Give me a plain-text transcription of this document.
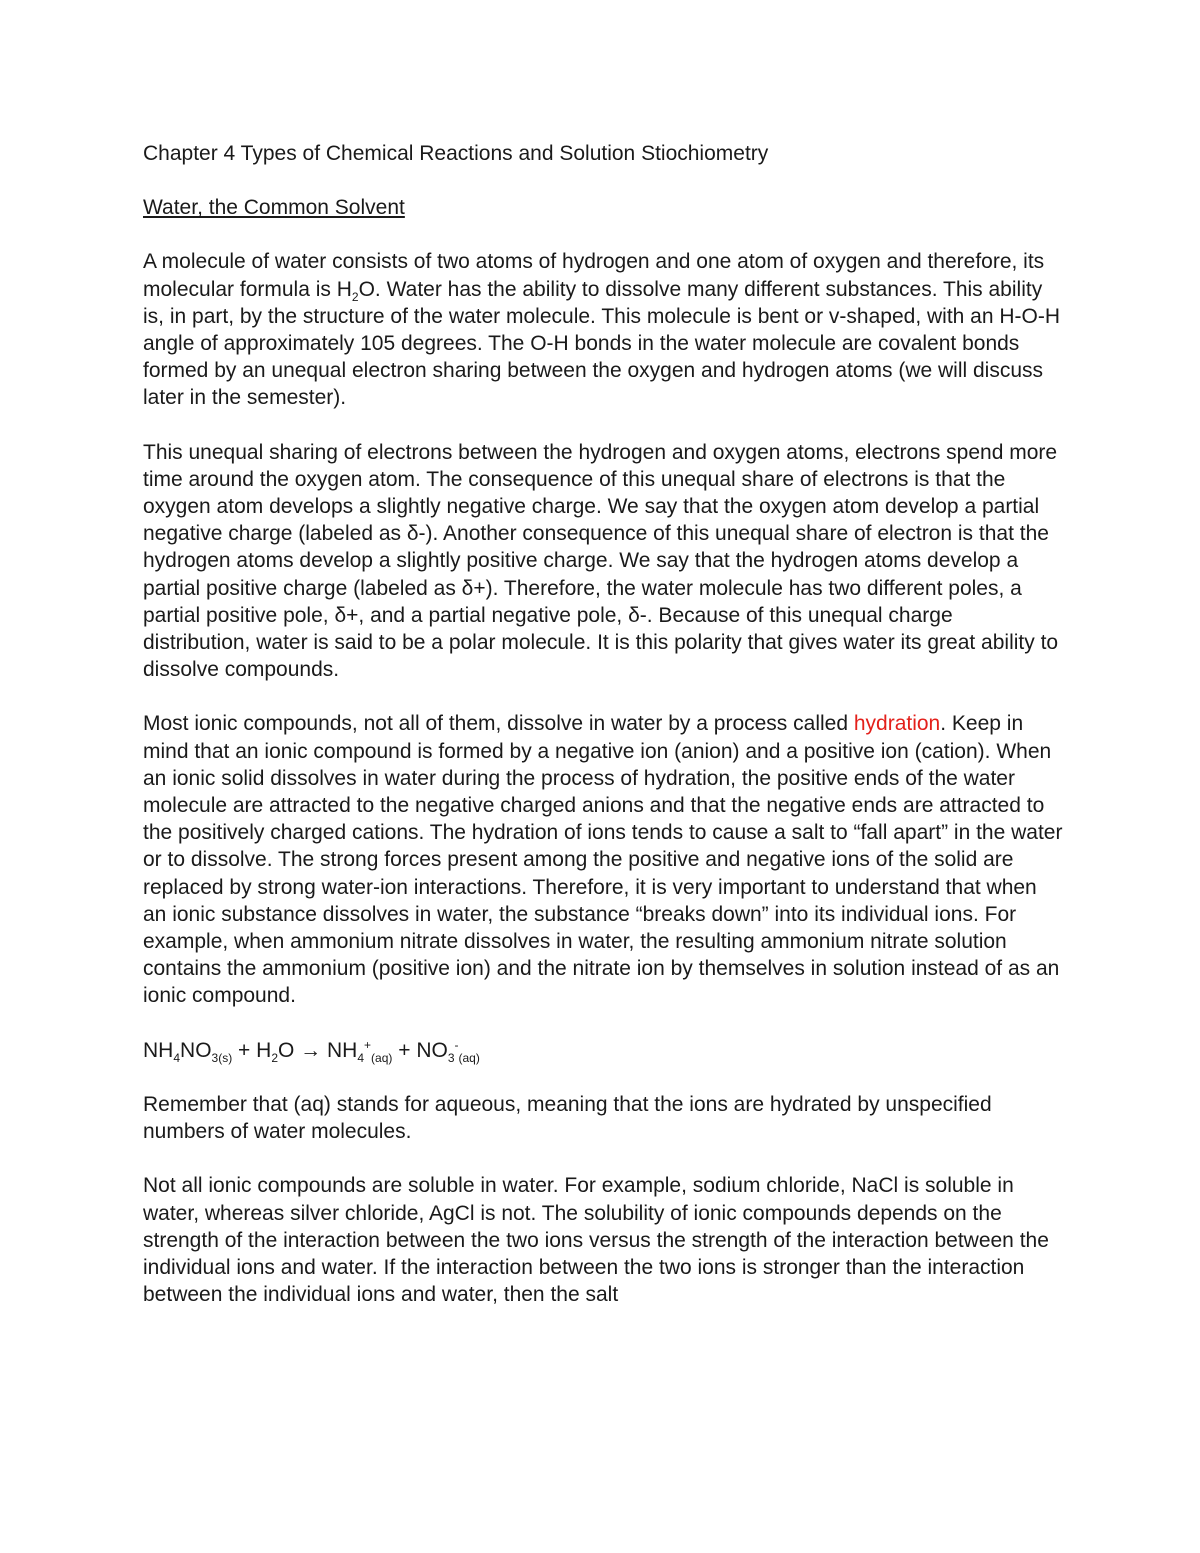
Chapter 4 Types of Chemical Reactions and Solution Stiochiometry
Water, the Common Solvent

A molecule of water consists of two atoms of hydrogen and one atom of oxygen and therefore, its molecular formula is $H_2O$. Water has the ability to dissolve many different substances. This ability is, in part, by the structure of the water molecule. This molecule is bent or v-shaped, with an H-O-H angle of approximately 105 degrees. The O-H bonds in the water molecule are covalent bonds formed by an unequal electron sharing between the oxygen and hydrogen atoms (we will discuss later in the semester).

This unequal sharing of electrons between the hydrogen and oxygen atoms, electrons spend more time around the oxygen atom. The consequence of this unequal share of electrons is that the oxygen atom develops a slightly negative charge. We say that the oxygen atom develop a partial negative charge (labeled as δ-). Another consequence of this unequal share of electron is that the hydrogen atoms develop a slightly positive charge. We say that the hydrogen atoms develop a partial positive charge (labeled as δ+). Therefore, the water molecule has two different poles, a partial positive pole, δ+, and a partial negative pole, δ-. Because of this unequal charge distribution, water is said to be a polar molecule. It is this polarity that gives water its great ability to dissolve compounds.

Most ionic compounds, not all of them, dissolve in water by a process called hydration. Keep in mind that an ionic compound is formed by a negative ion (anion) and a positive ion (cation). When an ionic solid dissolves in water during the process of hydration, the positive ends of the water molecule are attracted to the negative charged anions and that the negative ends are attracted to the positively charged cations. The hydration of ions tends to cause a salt to “fall apart” in the water or to dissolve. The strong forces present among the positive and negative ions of the solid are replaced by strong water-ion interactions. Therefore, it is very important to understand that when an ionic substance dissolves in water, the substance “breaks down” into its individual ions. For example, when ammonium nitrate dissolves in water, the resulting ammonium nitrate solution contains the ammonium (positive ion) and the nitrate ion by themselves in solution instead of as an ionic compound.

$NH_4NO_{3(s)} + H_2O \to NH_4^+_{(aq)} + NO_3^-_{(aq)}$

Remember that (aq) stands for aqueous, meaning that the ions are hydrated by unspecified numbers of water molecules.

Not all ionic compounds are soluble in water. For example, sodium chloride, NaCl is soluble in water, whereas silver chloride, AgCl is not. The solubility of ionic compounds depends on the strength of the interaction between the two ions versus the strength of the interaction between the individual ions and water. If the interaction between the two ions is stronger than the interaction between the individual ions and water, then the salt
